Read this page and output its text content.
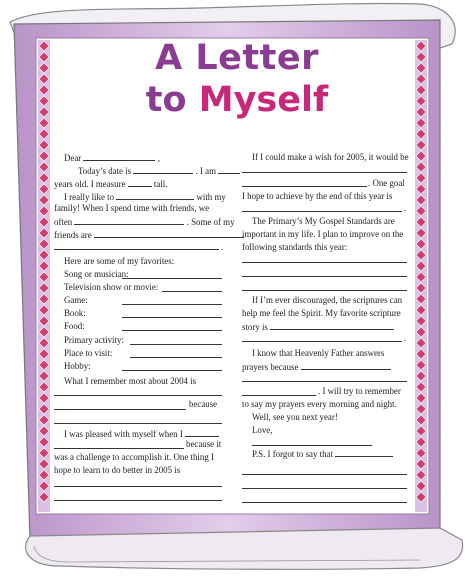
A Letter
to Myself
Dear	,
Today’s date is	. I am
years old. I measure	tall.
I really like to	with my
family! When I spend time with friends, we
often	. Some of my
friends are
.
Here are some of my favorites:
Song or musician:
Television show or movie:
Game:
Book:
Food:
Primary activity:
Place to visit:
Hobby:
What I remember most about 2004 is
because
I was pleased with myself when I
because it
was a challenge to accomplish it. One thing I
hope to learn to do better in 2005 is
If I could make a wish for 2005, it would be
. One goal
I hope to achieve by the end of this year is
.
The Primary’s My Gospel Standards are
important in my life. I plan to improve on the
following standards this year:
If I’m ever discouraged, the scriptures can
help me feel the Spirit. My favorite scripture
story is
.
I know that Heavenly Father answers
prayers because
. I will try to remember
to say my prayers every morning and night.
Well, see you next year!
Love,
P.S. I forgot to say that
